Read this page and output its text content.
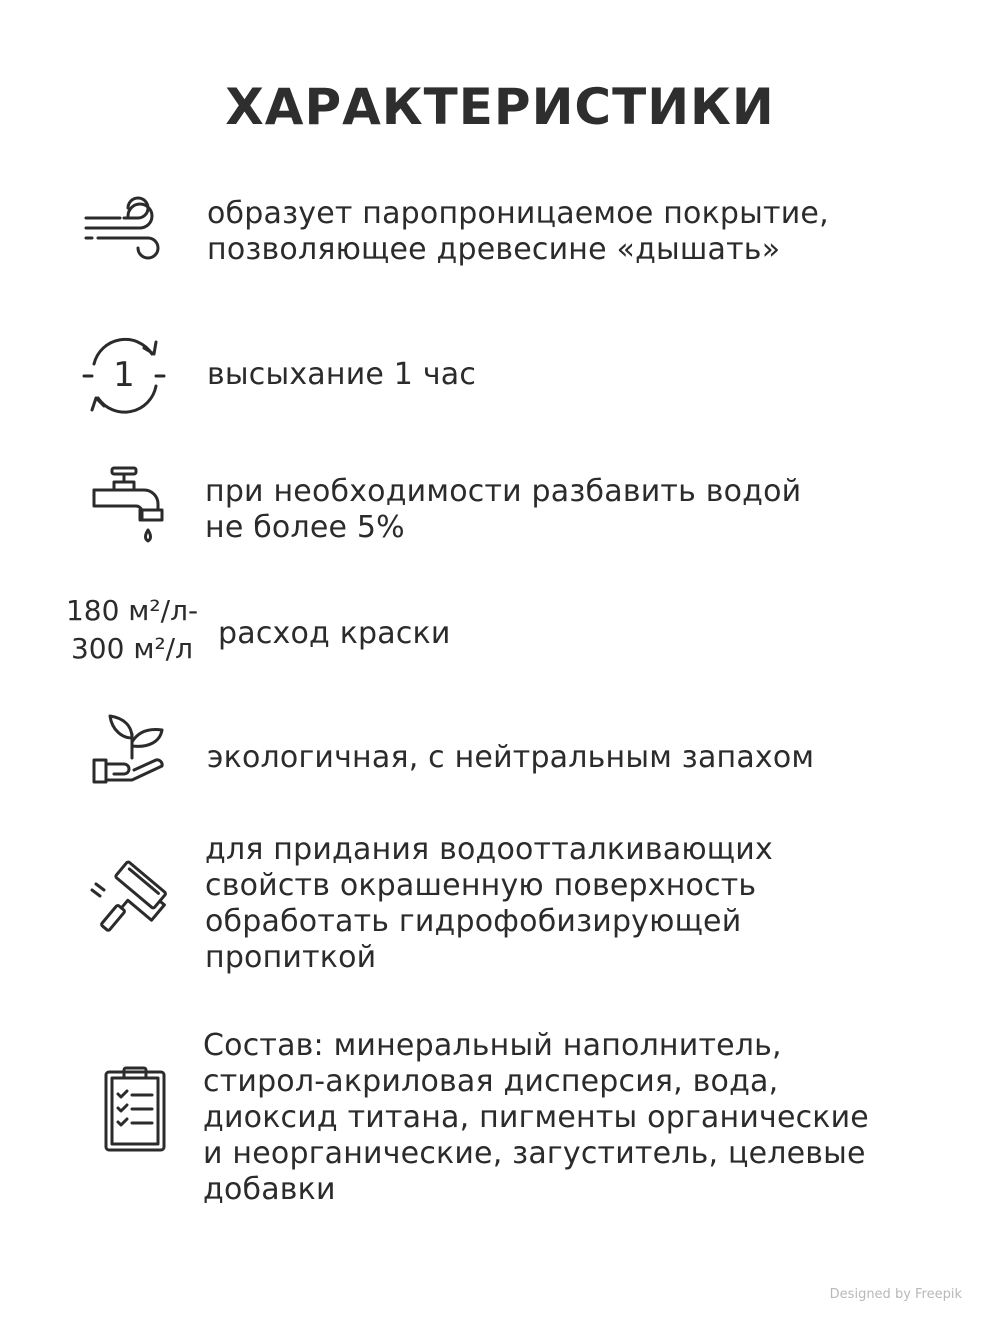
ХАРАКТЕРИСТИКИ
образует паропроницаемое покрытие,
позволяющее древесине «дышать»
1 высыхание 1 час
при необходимости разбавить водой
не более 5%
180 м²/л-
300 м²/л расход краски
экологичная, с нейтральным запахом
для придания водоотталкивающих
свойств окрашенную поверхность
обработать гидрофобизирующей
пропиткой
Состав: минеральный наполнитель,
стирол-акриловая дисперсия, вода,
диоксид титана, пигменты органические
и неорганические, загуститель, целевые
добавки
Designed by Freepik
